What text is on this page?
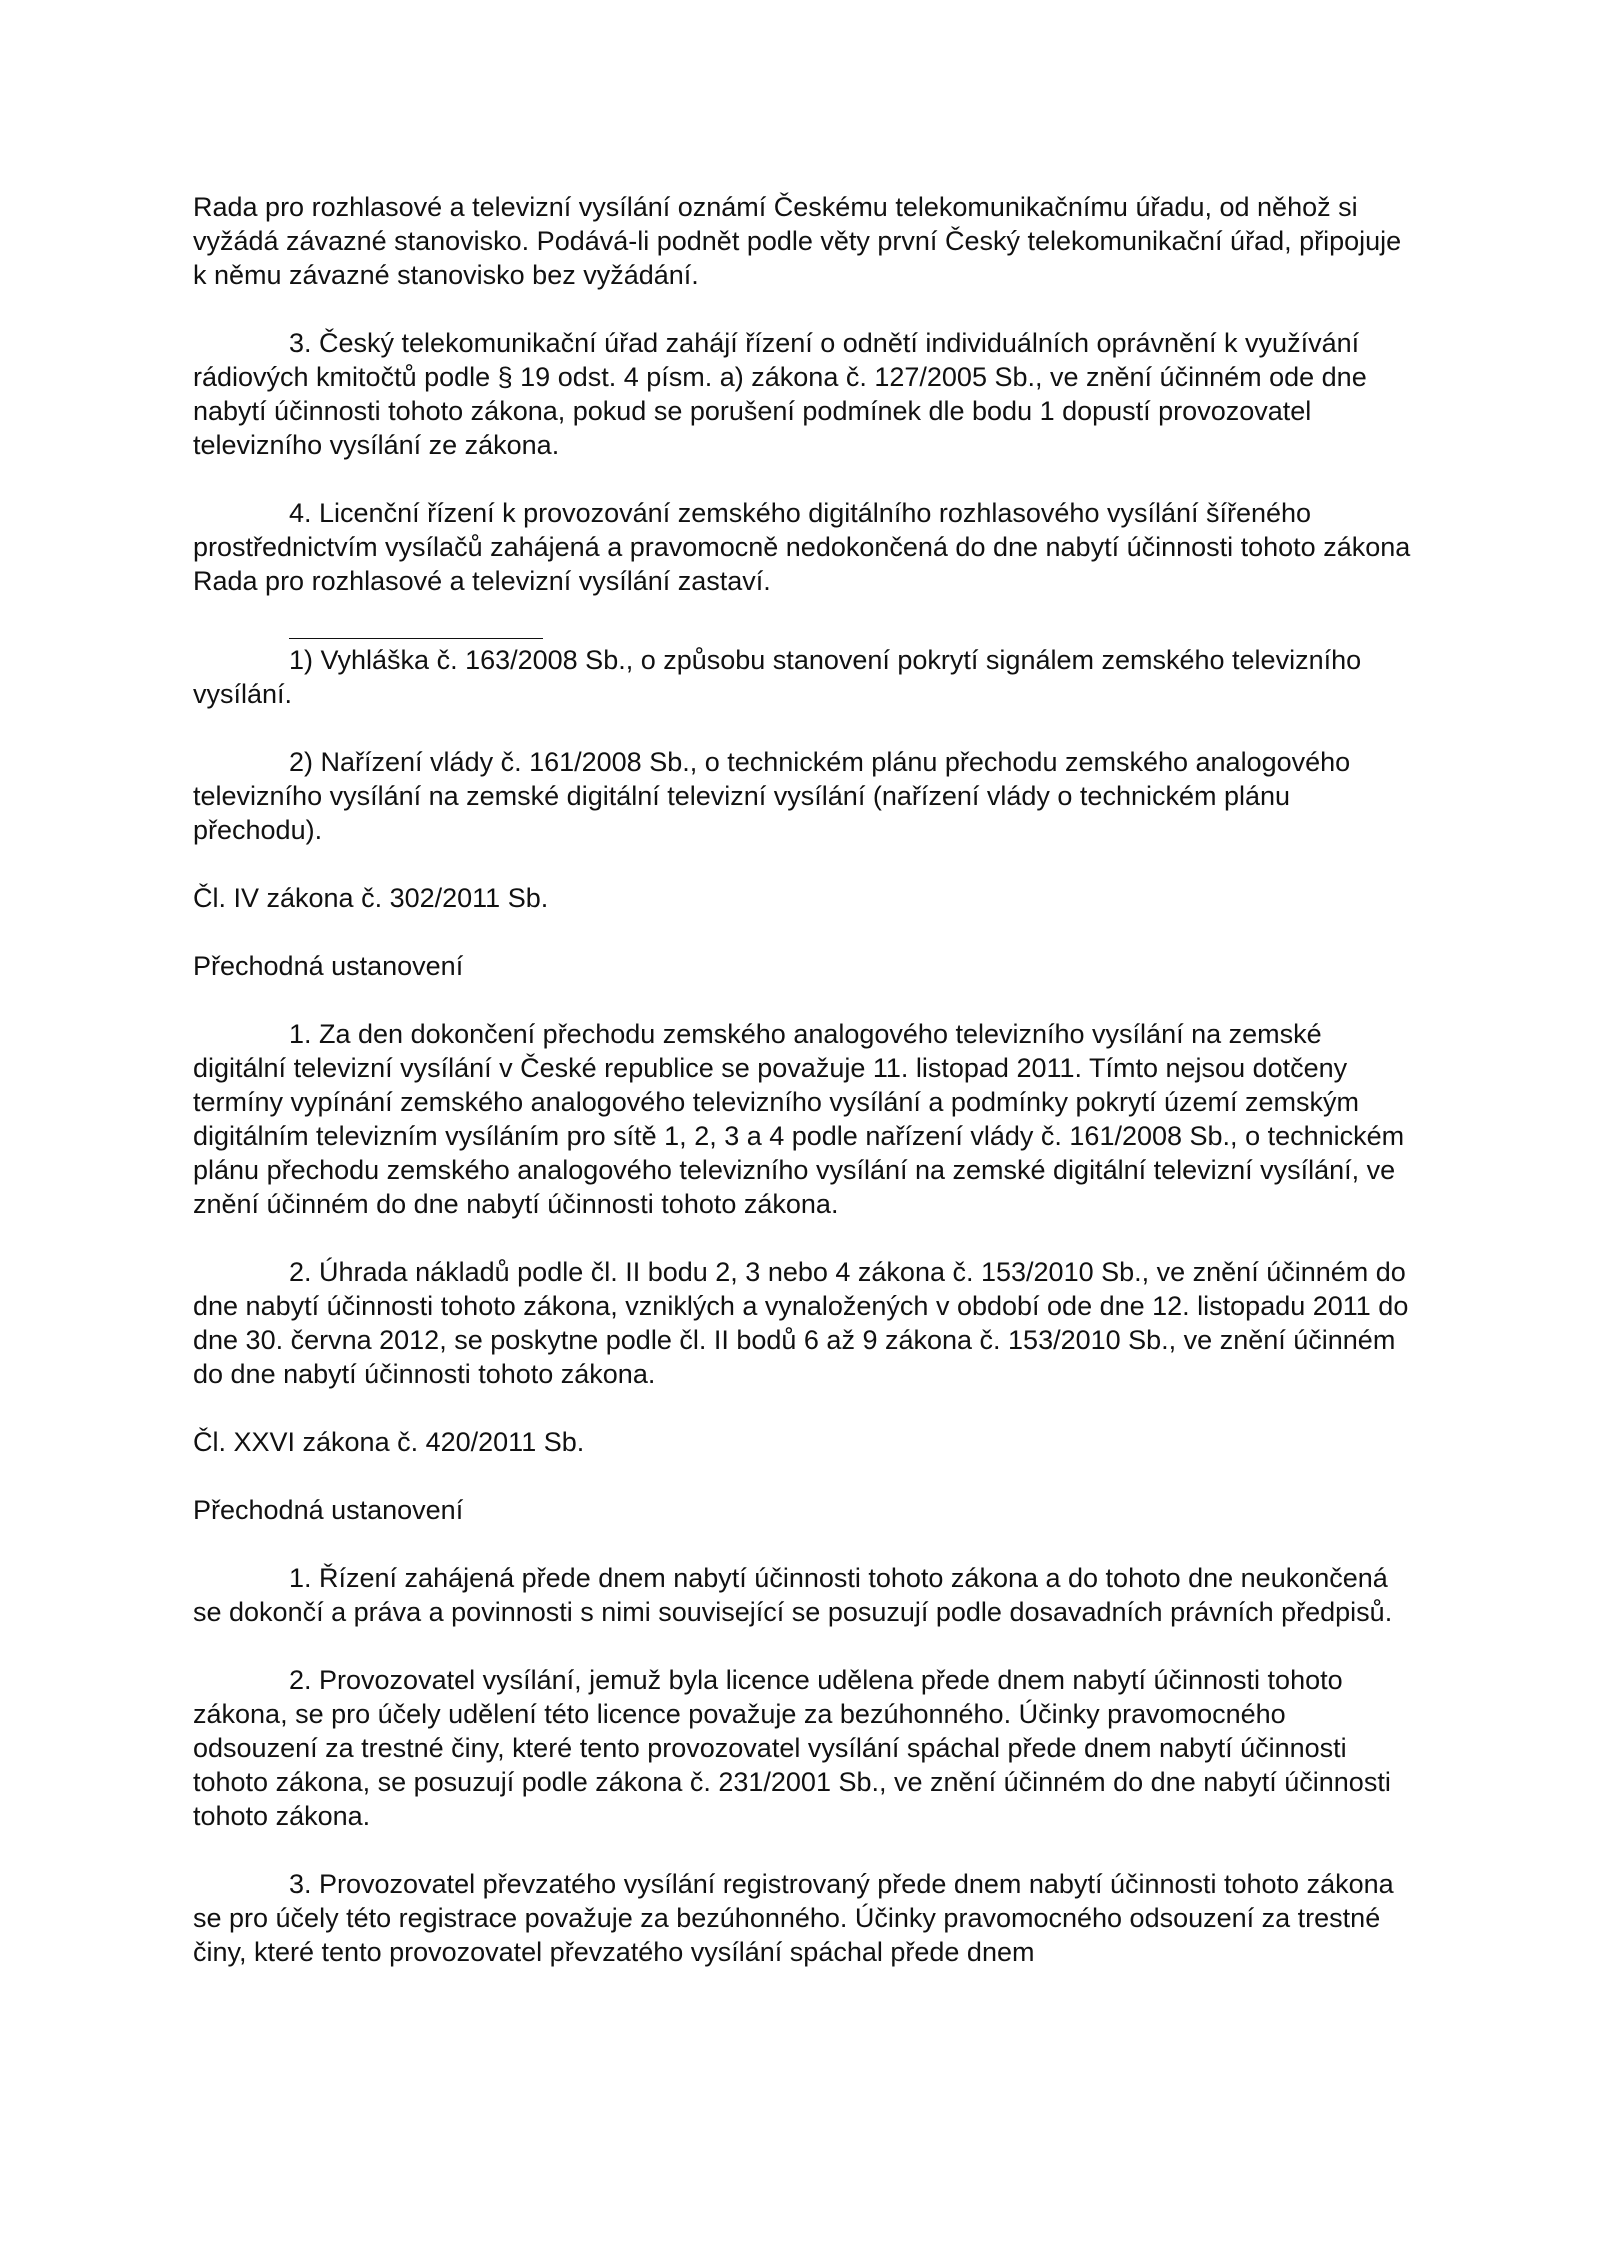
Rada pro rozhlasové a televizní vysílání oznámí Českému telekomunikačnímu úřadu, od něhož si vyžádá závazné stanovisko. Podává-li podnět podle věty první Český telekomunikační úřad, připojuje k němu závazné stanovisko bez vyžádání.

3. Český telekomunikační úřad zahájí řízení o odnětí individuálních oprávnění k využívání rádiových kmitočtů podle § 19 odst. 4 písm. a) zákona č. 127/2005 Sb., ve znění účinném ode dne nabytí účinnosti tohoto zákona, pokud se porušení podmínek dle bodu 1 dopustí provozovatel televizního vysílání ze zákona.

4. Licenční řízení k provozování zemského digitálního rozhlasového vysílání šířeného prostřednictvím vysílačů zahájená a pravomocně nedokončená do dne nabytí účinnosti tohoto zákona Rada pro rozhlasové a televizní vysílání zastaví.

1) Vyhláška č. 163/2008 Sb., o způsobu stanovení pokrytí signálem zemského televizního vysílání.

2) Nařízení vlády č. 161/2008 Sb., o technickém plánu přechodu zemského analogového televizního vysílání na zemské digitální televizní vysílání (nařízení vlády o technickém plánu přechodu).

Čl. IV zákona č. 302/2011 Sb.

Přechodná ustanovení

1. Za den dokončení přechodu zemského analogového televizního vysílání na zemské digitální televizní vysílání v České republice se považuje 11. listopad 2011. Tímto nejsou dotčeny termíny vypínání zemského analogového televizního vysílání a podmínky pokrytí území zemským digitálním televizním vysíláním pro sítě 1, 2, 3 a 4 podle nařízení vlády č. 161/2008 Sb., o technickém plánu přechodu zemského analogového televizního vysílání na zemské digitální televizní vysílání, ve znění účinném do dne nabytí účinnosti tohoto zákona.

2. Úhrada nákladů podle čl. II bodu 2, 3 nebo 4 zákona č. 153/2010 Sb., ve znění účinném do dne nabytí účinnosti tohoto zákona, vzniklých a vynaložených v období ode dne 12. listopadu 2011 do dne 30. června 2012, se poskytne podle čl. II bodů 6 až 9 zákona č. 153/2010 Sb., ve znění účinném do dne nabytí účinnosti tohoto zákona.

Čl. XXVI zákona č. 420/2011 Sb.

Přechodná ustanovení

1. Řízení zahájená přede dnem nabytí účinnosti tohoto zákona a do tohoto dne neukončená se dokončí a práva a povinnosti s nimi související se posuzují podle dosavadních právních předpisů.

2. Provozovatel vysílání, jemuž byla licence udělena přede dnem nabytí účinnosti tohoto zákona, se pro účely udělení této licence považuje za bezúhonného. Účinky pravomocného odsouzení za trestné činy, které tento provozovatel vysílání spáchal přede dnem nabytí účinnosti tohoto zákona, se posuzují podle zákona č. 231/2001 Sb., ve znění účinném do dne nabytí účinnosti tohoto zákona.

3. Provozovatel převzatého vysílání registrovaný přede dnem nabytí účinnosti tohoto zákona se pro účely této registrace považuje za bezúhonného. Účinky pravomocného odsouzení za trestné činy, které tento provozovatel převzatého vysílání spáchal přede dnem
